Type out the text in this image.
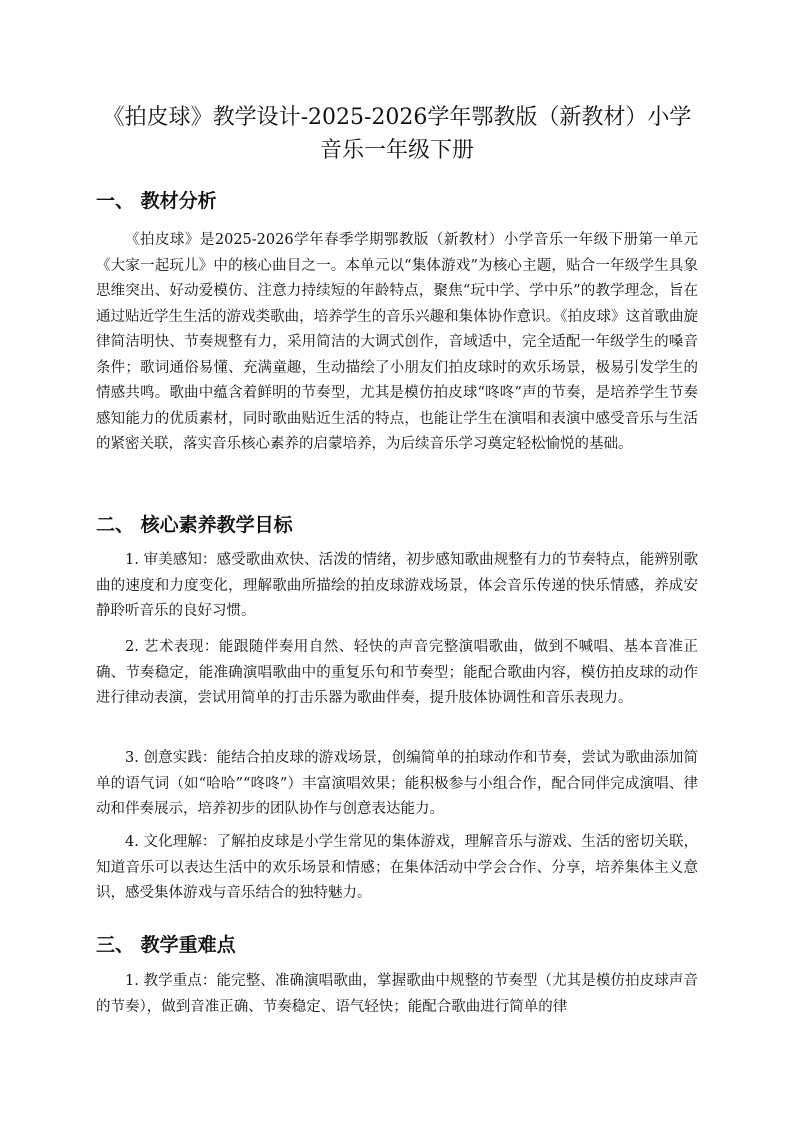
《拍皮球》教学设计-2025-2026学年鄂教版（新教材）小学音乐一年级下册
一、 教材分析

《拍皮球》是2025-2026学年春季学期鄂教版（新教材）小学音乐一年级下册第一单元《大家一起玩儿》中的核心曲目之一。本单元以“集体游戏”为核心主题，贴合一年级学生具象思维突出、好动爱模仿、注意力持续短的年龄特点，聚焦“玩中学、学中乐”的教学理念，旨在通过贴近学生生活的游戏类歌曲，培养学生的音乐兴趣和集体协作意识。《拍皮球》这首歌曲旋律简洁明快、节奏规整有力，采用简洁的大调式创作，音域适中，完全适配一年级学生的嗓音条件；歌词通俗易懂、充满童趣，生动描绘了小朋友们拍皮球时的欢乐场景，极易引发学生的情感共鸣。歌曲中蕴含着鲜明的节奏型，尤其是模仿拍皮球“咚咚”声的节奏，是培养学生节奏感知能力的优质素材，同时歌曲贴近生活的特点，也能让学生在演唱和表演中感受音乐与生活的紧密关联，落实音乐核心素养的启蒙培养，为后续音乐学习奠定轻松愉悦的基础。

二、 核心素养教学目标

1. 审美感知：感受歌曲欢快、活泼的情绪，初步感知歌曲规整有力的节奏特点，能辨别歌曲的速度和力度变化，理解歌曲所描绘的拍皮球游戏场景，体会音乐传递的快乐情感，养成安静聆听音乐的良好习惯。

2. 艺术表现：能跟随伴奏用自然、轻快的声音完整演唱歌曲，做到不喊唱、基本音准正确、节奏稳定，能准确演唱歌曲中的重复乐句和节奏型；能配合歌曲内容，模仿拍皮球的动作进行律动表演，尝试用简单的打击乐器为歌曲伴奏，提升肢体协调性和音乐表现力。

3. 创意实践：能结合拍皮球的游戏场景，创编简单的拍球动作和节奏，尝试为歌曲添加简单的语气词（如“哈哈”“咚咚”）丰富演唱效果；能积极参与小组合作，配合同伴完成演唱、律动和伴奏展示，培养初步的团队协作与创意表达能力。

4. 文化理解：了解拍皮球是小学生常见的集体游戏，理解音乐与游戏、生活的密切关联，知道音乐可以表达生活中的欢乐场景和情感；在集体活动中学会合作、分享，培养集体主义意识，感受集体游戏与音乐结合的独特魅力。

三、 教学重难点

1. 教学重点：能完整、准确演唱歌曲，掌握歌曲中规整的节奏型（尤其是模仿拍皮球声音的节奏），做到音准正确、节奏稳定、语气轻快；能配合歌曲进行简单的律
